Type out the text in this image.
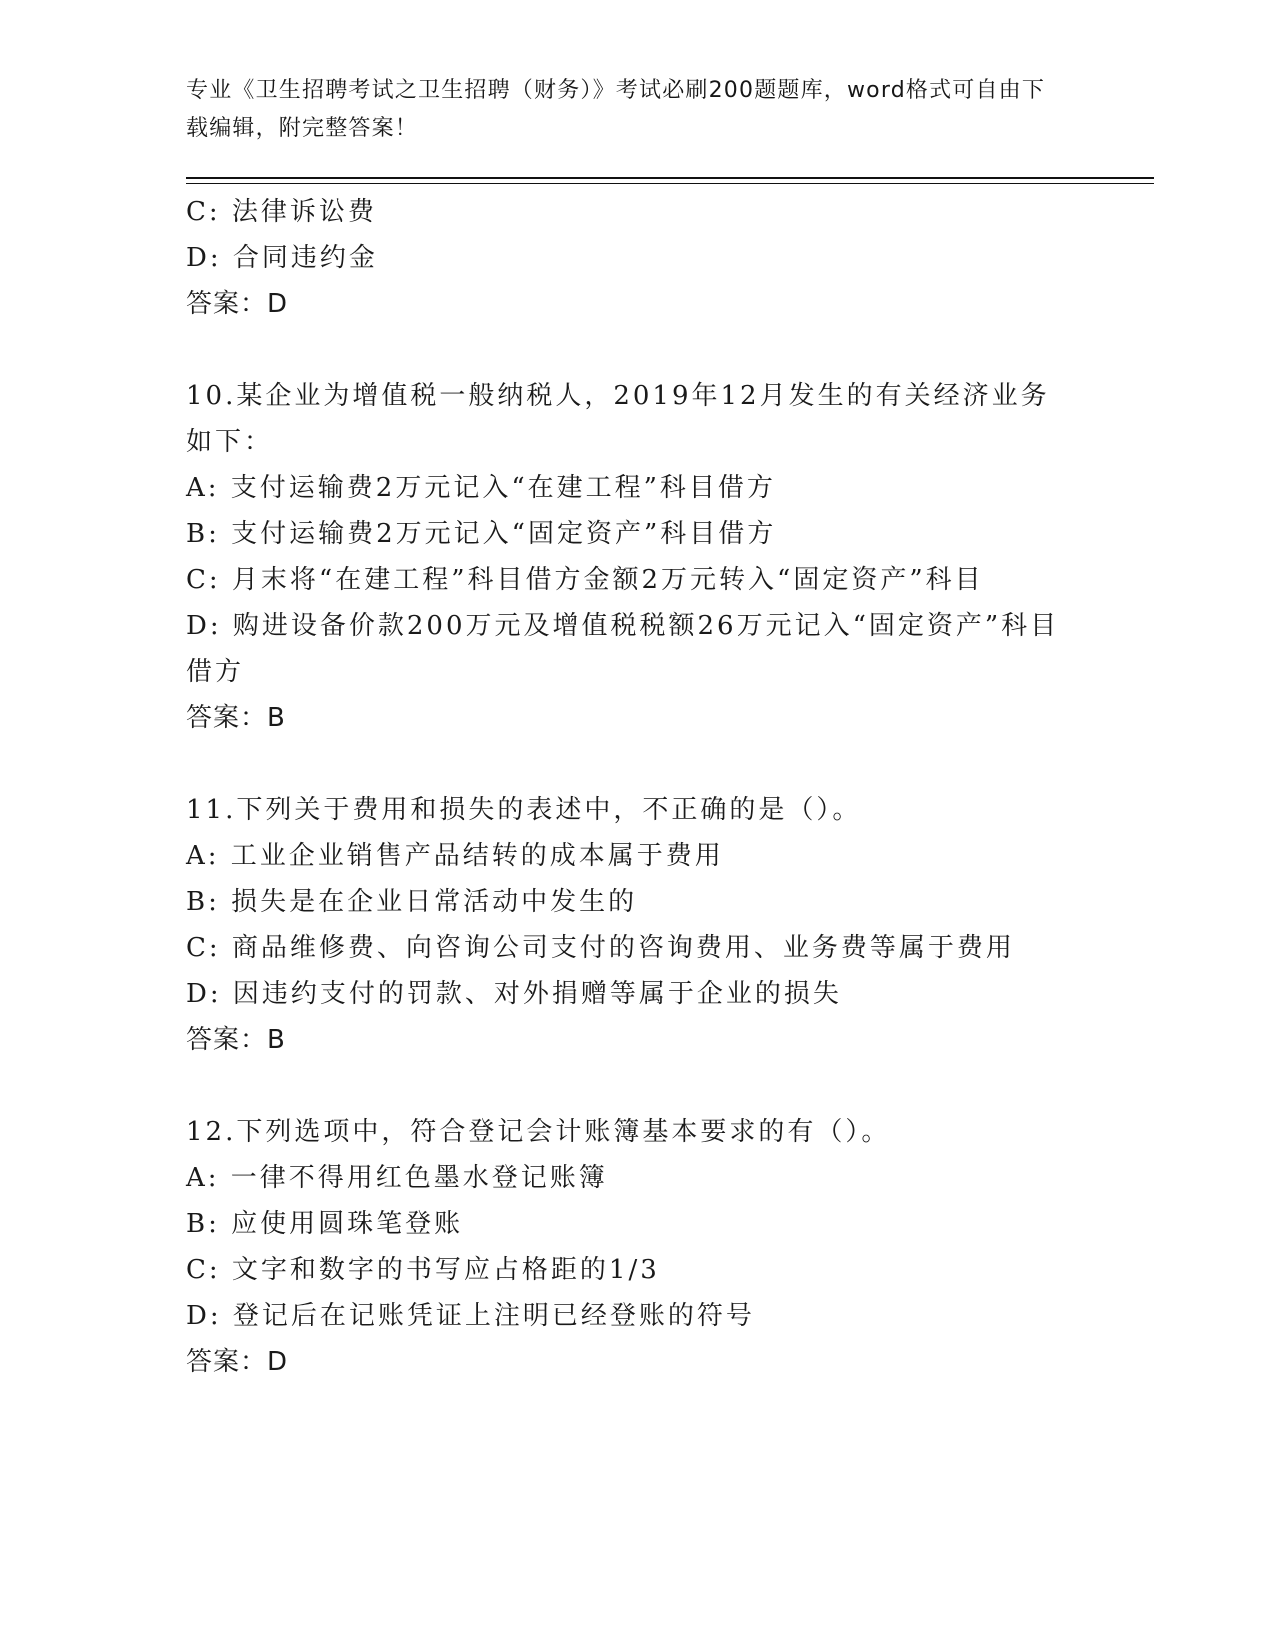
专业《卫生招聘考试之卫生招聘（财务）》考试必刷200题题库，word格式可自由下载编辑，附完整答案！
C: 法律诉讼费
D: 合同违约金
答案：D
10.某企业为增值税一般纳税人，2019年12月发生的有关经济业务如下：
A: 支付运输费2万元记入“在建工程”科目借方
B: 支付运输费2万元记入“固定资产”科目借方
C: 月末将“在建工程”科目借方金额2万元转入“固定资产”科目
D: 购进设备价款200万元及增值税税额26万元记入“固定资产”科目借方
答案：B
11.下列关于费用和损失的表述中，不正确的是（）。
A: 工业企业销售产品结转的成本属于费用
B: 损失是在企业日常活动中发生的
C: 商品维修费、向咨询公司支付的咨询费用、业务费等属于费用
D: 因违约支付的罚款、对外捐赠等属于企业的损失
答案：B
12.下列选项中，符合登记会计账簿基本要求的有（）。
A: 一律不得用红色墨水登记账簿
B: 应使用圆珠笔登账
C: 文字和数字的书写应占格距的1/3
D: 登记后在记账凭证上注明已经登账的符号
答案：D
